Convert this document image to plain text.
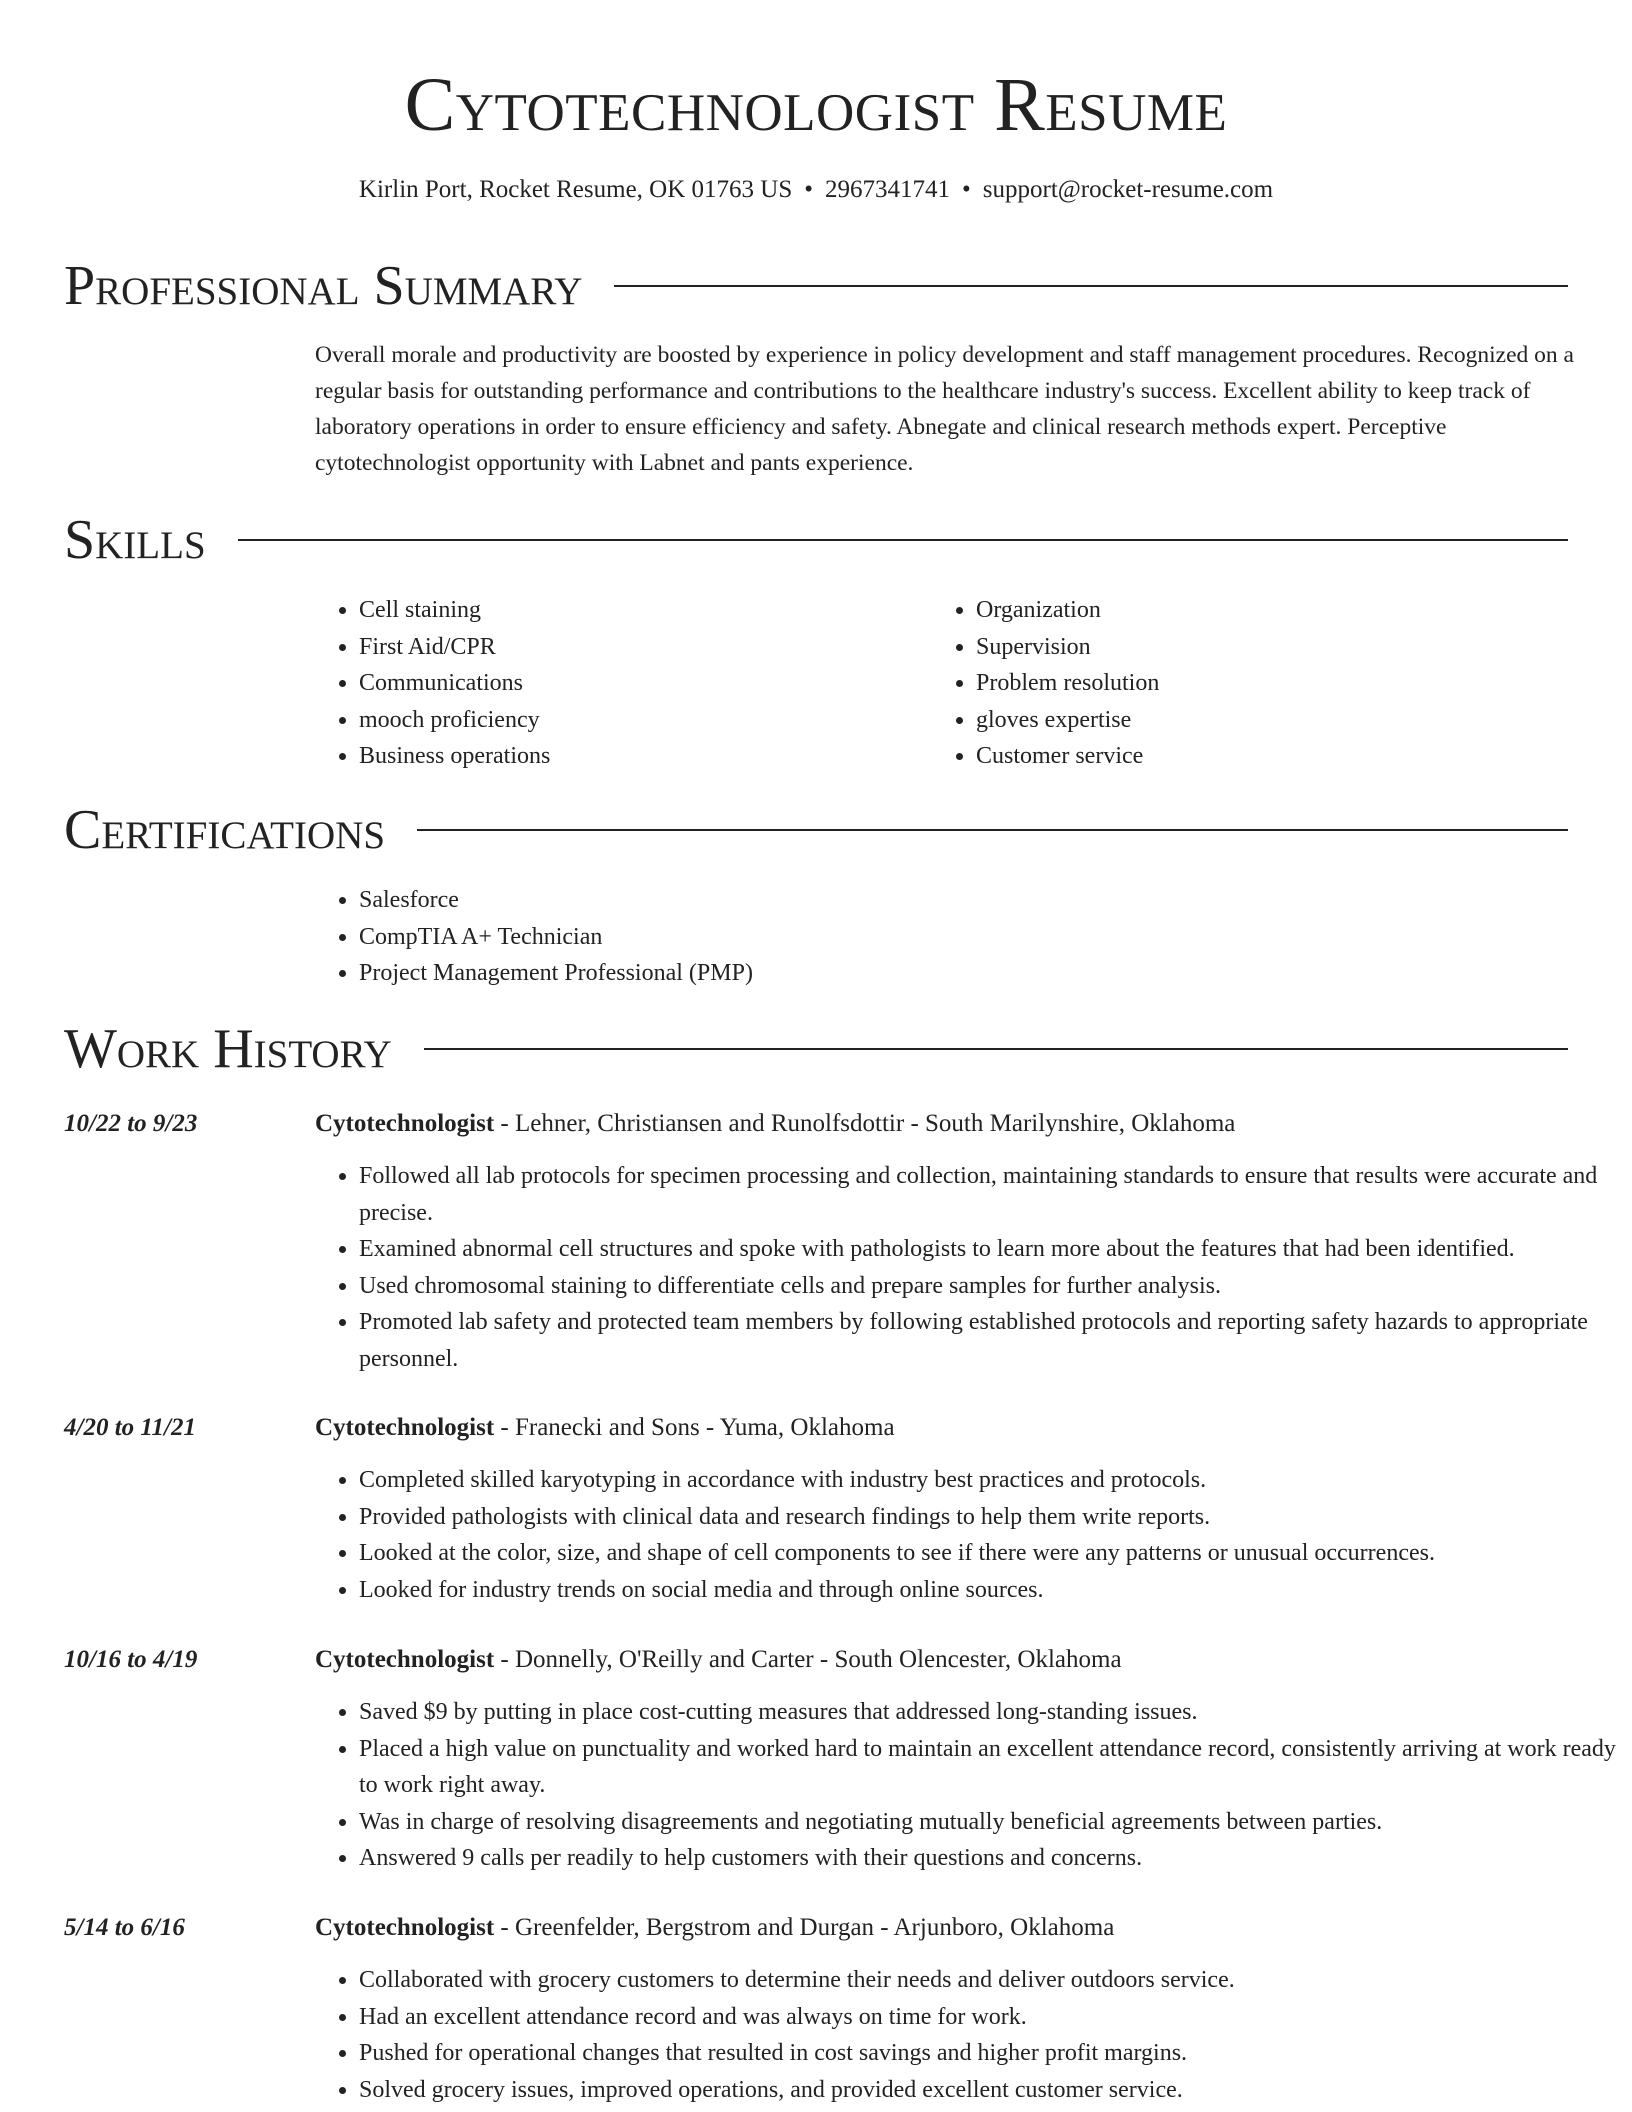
Cytotechnologist Resume
Kirlin Port, Rocket Resume, OK 01763 US • 2967341741 • support@rocket-resume.com
Professional Summary

Overall morale and productivity are boosted by experience in policy development and staff management procedures. Recognized on a regular basis for outstanding performance and contributions to the healthcare industry's success. Excellent ability to keep track of laboratory operations in order to ensure efficiency and safety. Abnegate and clinical research methods expert. Perceptive cytotechnologist opportunity with Labnet and pants experience.

Skills
• Cell staining
• First Aid/CPR
• Communications
• mooch proficiency
• Business operations
• Organization
• Supervision
• Problem resolution
• gloves expertise
• Customer service
Certifications
• Salesforce
• CompTIA A+ Technician
• Project Management Professional (PMP)
Work History
10/22 to 9/23	Cytotechnologist - Lehner, Christiansen and Runolfsdottir - South Marilynshire, Oklahoma
• Followed all lab protocols for specimen processing and collection, maintaining standards to ensure that results were accurate and precise.
• Examined abnormal cell structures and spoke with pathologists to learn more about the features that had been identified.
• Used chromosomal staining to differentiate cells and prepare samples for further analysis.
• Promoted lab safety and protected team members by following established protocols and reporting safety hazards to appropriate personnel.
4/20 to 11/21	Cytotechnologist - Franecki and Sons - Yuma, Oklahoma
• Completed skilled karyotyping in accordance with industry best practices and protocols.
• Provided pathologists with clinical data and research findings to help them write reports.
• Looked at the color, size, and shape of cell components to see if there were any patterns or unusual occurrences.
• Looked for industry trends on social media and through online sources.
10/16 to 4/19	Cytotechnologist - Donnelly, O'Reilly and Carter - South Olencester, Oklahoma
• Saved $9 by putting in place cost-cutting measures that addressed long-standing issues.
• Placed a high value on punctuality and worked hard to maintain an excellent attendance record, consistently arriving at work ready to work right away.
• Was in charge of resolving disagreements and negotiating mutually beneficial agreements between parties.
• Answered 9 calls per readily to help customers with their questions and concerns.
5/14 to 6/16	Cytotechnologist - Greenfelder, Bergstrom and Durgan - Arjunboro, Oklahoma
• Collaborated with grocery customers to determine their needs and deliver outdoors service.
• Had an excellent attendance record and was always on time for work.
• Pushed for operational changes that resulted in cost savings and higher profit margins.
• Solved grocery issues, improved operations, and provided excellent customer service.
